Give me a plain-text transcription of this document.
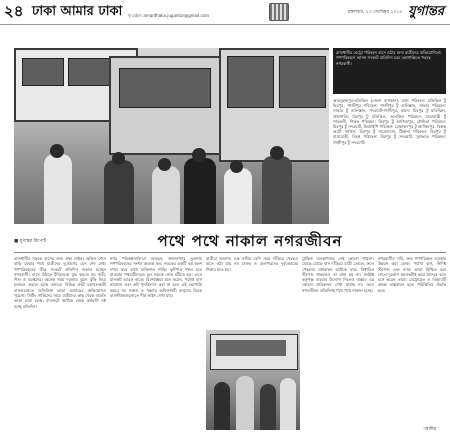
২৪ ঢাকা আমার ঢাকা ই-মেইল: amardhaka.jugantor@gmail.com
মঙ্গলবার, ২৩ সেপ্টেম্বর ২০১৪ যুগান্তর
রাজধানীর মেট্রো পরিবহন বাসে ওঠার জন্য যাত্রীদের প্রতিযোগিতা। গণপরিবহনে আসন সংকটে প্রতিদিন চরম ভোগান্তিতে পড়ছে নগরবাসী।
আবদুল্লাহপুর-মতিঝিল (জেলা বাসস্থান), রজা পরিবহন: মতিঝিল টু মিরপুর, গাজীপুর পরিবহন: গাজীপুর টু গুলিস্তান, সাভার পরিবহন: সাভার টু গুলিস্তান, সদরঘাট-গাজীপুর, বাহন: মিরপুর টু মতিঝিল, প্রজাপতি: মিরপুর টু মতিঝিল, তানজিল পরিবহন: যাত্রাবাড়ী টু গাবতলী, শিকড় পরিবহন: মিরপুর টু আজিমপুর, মৌমিতা পরিবহন: মিরপুর টু সদরঘাট, ভিআইপি পরিবহন: মোহাম্মদপুর টু আজিমপুর, বিকল্প অটো সার্ভিস: মিরপুর টু সায়েদাবাদ, ঠিকানা পরিবহন: মিরপুর টু যাত্রাবাড়ী, বিহঙ্গ পরিবহন: মিরপুর টু সদরঘাট, সুপ্রভাত পরিবহন: গাজীপুর টু সদরঘাট।
■ যুগান্তর রিপোর্ট	পথে পথে নাকাল নগরজীবন
রাজধানীর সড়কে বাসের জন্য লম্বা লাইন। অফিস শেষে বাড়ি ফেরার পথে যাত্রীদের দুর্ভোগের যেন শেষ নেই। গণপরিবহনের তীব্র সংকটে প্রতিদিন নাকাল হচ্ছেন নগরবাসী। বাসে উঠতে রীতিমতো যুদ্ধ করতে হয় নারী, শিশু ও বয়স্কদের। অনেক সময় দরজায় ঝুলে ঝুঁকি নিয়ে চলাচল করতে হচ্ছে তাদের। বিভিন্ন রুটে চলাচলকারী বাসগুলোতে অতিরিক্ত ভাড়া আদায়ের অভিযোগও পুরনো। সিটিং সার্ভিসের নামে যাত্রীদের কাছ থেকে বাড়তি ভাড়া নেয়া হচ্ছে। যানজটে আটকে থেকে কর্মঘণ্টা নষ্ট হচ্ছে প্রতিদিন।
নগর পরিকল্পনাবিদরা বলছেন, জনসংখ্যার তুলনায় গণপরিবহনের সংখ্যা অত্যন্ত কম। সড়কের একটি বড় অংশ দখল করে রাখে ব্যক্তিগত গাড়ি। ফুটপাত দখল হয়ে যাওয়ায় পথচারীদেরও মূল সড়কে নেমে হাঁটতে হয়। এতে যানজট আরও বাড়ে। বিশেষজ্ঞরা মনে করেন, পর্যাপ্ত বাস নামানো এবং রুট পুনর্বিন্যাস করা না হলে এই ভোগান্তি কমবে না। সকাল ও সন্ধ্যায় অফিসগামী মানুষের ভিড়ে বাসস্ট্যান্ডগুলোতে দীর্ঘ লাইন দেখা যায়।
যাত্রীরা জানান, এক ঘণ্টার বেশি সময় দাঁড়িয়ে থেকেও বাসে ওঠা যায় না। চালক ও হেলপারদের দুর্ব্যবহারের শিকার হতে হয়।
ট্রাফিক ব্যবস্থাপনায় নেই কোনো শৃঙ্খলা। মোড়ে মোড়ে বাস দাঁড়িয়ে যাত্রী তোলে, ফলে পেছনের যানবাহন আটকে যায়। নির্ধারিত স্টপেজ থাকলেও তা মানা হয় না। সংশ্লিষ্ট কর্তৃপক্ষ বারবার উদ্যোগ নিলেও বাস্তবে এর কোনো প্রতিফলন দেখা যাচ্ছে না। ফলে নগরজীবন প্রতিদিনই পথে পথে নাকাল হচ্ছে।
নগরবাসীর দাবি, দ্রুত গণপরিবহন ব্যবস্থার উন্নয়ন করা হোক। পর্যাপ্ত বাস, নির্দিষ্ট স্টপেজ এবং ন্যায্য ভাড়া নিশ্চিত করা গেলে দুর্ভোগ অনেকটাই কমে আসবে বলে মনে করেন তারা। মেট্রোরেল ও বিআরটি প্রকল্প বাস্তবায়ন হলে পরিস্থিতির উন্নতি হবে।
-আমির
